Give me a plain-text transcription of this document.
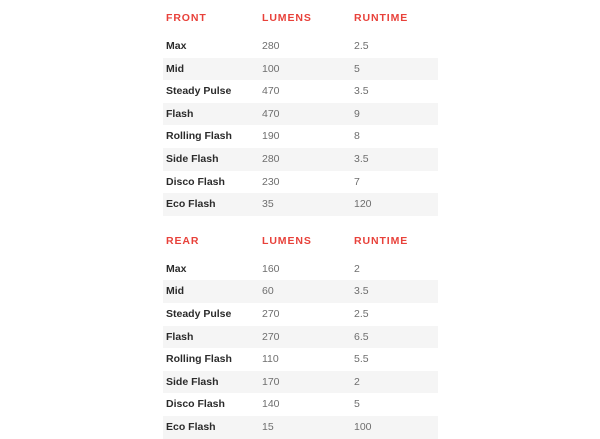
FRONT	LUMENS	RUNTIME
Max	280	2.5
Mid	100	5
Steady Pulse	470	3.5
Flash	470	9
Rolling Flash	190	8
Side Flash	280	3.5
Disco Flash	230	7
Eco Flash	35	120
REAR	LUMENS	RUNTIME
Max	160	2
Mid	60	3.5
Steady Pulse	270	2.5
Flash	270	6.5
Rolling Flash	110	5.5
Side Flash	170	2
Disco Flash	140	5
Eco Flash	15	100
